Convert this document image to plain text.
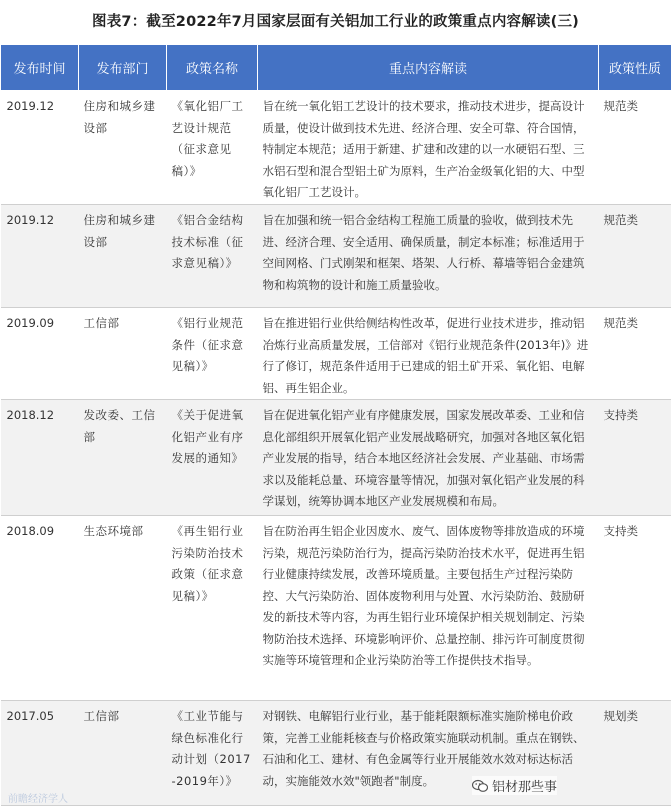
图表7：截至2022年7月国家层面有关铝加工行业的政策重点内容解读(三)
发布时间	发布部门	政策名称	重点内容解读	政策性质
2019.12	住房和城乡建设部	《氧化铝厂工艺设计规范（征求意见稿）》	旨在统一氧化铝工艺设计的技术要求，推动技术进步，提高设计质量，使设计做到技术先进、经济合理、安全可靠、符合国情，特制定本规范；适用于新建、扩建和改建的以一水硬铝石型、三水铝石型和混合型铝土矿为原料，生产冶金级氧化铝的大、中型氧化铝厂工艺设计。	规范类
2019.12	住房和城乡建设部	《铝合金结构技术标准（征求意见稿）》	旨在加强和统一铝合金结构工程施工质量的验收，做到技术先进、经济合理、安全适用、确保质量，制定本标准；标准适用于空间网格、门式刚架和框架、塔架、人行桥、幕墙等铝合金建筑物和构筑物的设计和施工质量验收。	规范类
2019.09	工信部	《铝行业规范条件（征求意见稿）》	旨在推进铝行业供给侧结构性改革，促进行业技术进步，推动铝冶炼行业高质量发展，工信部对《铝行业规范条件(2013年)》进行了修订，规范条件适用于已建成的铝土矿开采、氧化铝、电解铝、再生铝企业。	规范类
2018.12	发改委、工信部	《关于促进氧化铝产业有序发展的通知》	旨在促进氧化铝产业有序健康发展，国家发展改革委、工业和信息化部组织开展氧化铝产业发展战略研究，加强对各地区氧化铝产业发展的指导，结合本地区经济社会发展、产业基础、市场需求以及能耗总量、环境容量等情况，加强对氧化铝产业发展的科学谋划，统筹协调本地区产业发展规模和布局。	支持类
2018.09	生态环境部	《再生铝行业污染防治技术政策（征求意见稿）》	旨在防治再生铝企业因废水、废气、固体废物等排放造成的环境污染，规范污染防治行为，提高污染防治技术水平，促进再生铝行业健康持续发展，改善环境质量。主要包括生产过程污染防控、大气污染防治、固体废物利用与处置、水污染防治、鼓励研发的新技术等内容，为再生铝行业环境保护相关规划制定、污染物防治技术选择、环境影响评价、总量控制、排污许可制度贯彻实施等环境管理和企业污染防治等工作提供技术指导。	支持类
2017.05	工信部	《工业节能与绿色标准化行动计划（2017-2019年）》	对钢铁、电解铝行业行业，基于能耗限额标准实施阶梯电价政策，完善工业能耗核查与价格政策实施联动机制。重点在钢铁、石油和化工、建材、有色金属等行业开展能效水效对标达标活动，实施能效水效"领跑者"制度。	规划类
前瞻经济学人
铝材那些事
